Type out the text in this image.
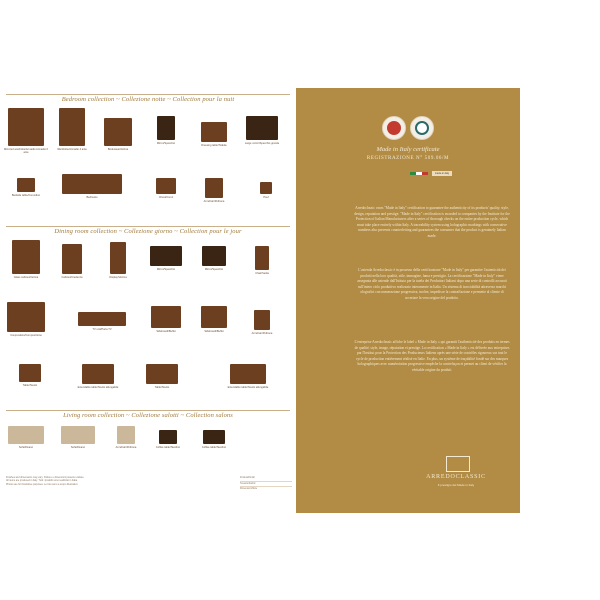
Bedroom collection ~ Collezione notte ~ Collection pour la nuit
Mirrored wardrobe/Armadio Armadio 6 ante
Wardrobe/Armadio 4 ante	Bookcase/Vetrina
Mirror/Specchio
Dressing table/Toilette
Large mirror/Specchio grande
Bedside table/Comodino
Bed/Letto	Chest/Comò
Armchair/Poltrona
Pouf
Dining room collection ~ Collezione giorno ~ Collection pour le jour
Glass cabinet/Vetrina	Cabinet/Credenza	Display/Vetrina
Mirror/Specchio	Mirror/Specchio
Chair/Sedia
Composition/Composizione
TV unit/Porta TV
Sideboard/Buffet	Sideboard/Buffet
Armchair/Poltrona
Table/Tavolo
Extendable table/Tavolo allungabile	Table/Tavolo	Extendable table/Tavolo allungabile
Living room collection ~ Collezione salotti ~ Collection salons
Sofa/Divano	Sofa/Divano	Armchair/Poltrona	Coffee table/Tavolino	Coffee table/Tavolino
Finishes and dimensions may vary. Finiture e dimensioni possono variare.
All items are produced in Italy. Tutti i prodotti sono realizzati in Italia.
Photos are for illustrative purposes. Le foto sono a scopo illustrativo.
Finitura/Finish
Tessuto/Fabric
Dimensioni/Size
Made in Italy certificate
REGISTRAZIONE N° 509.06/M
made-in-italy
Arredoclassic owns "Made in Italy" certification to guarantee the authenticity of its products' quality, style, design, reputation and prestige. "Made in Italy" certification is awarded to companies by the Institute for the Protection of Italian Manufacturers after a series of thorough checks on the entire production cycle, which must take place entirely within Italy. A traceability system using holographic markings with consecutive numbers also prevents counterfeiting and guarantees the consumer that the product is genuinely Italian made.
L'azienda Arredoclassic è in possesso della certificazione "Made in Italy" per garantire l'autenticità dei prodotti nella loro qualità, stile, immagine, fama e prestigio. La certificazione "Made in Italy" viene assegnata alle aziende dall'Istituto per la tutela dei Produttori Italiani dopo una serie di controlli accurati sull'intero ciclo produttivo realizzato interamente in Italia. Un sistema di tracciabilità attraverso marchi olografici con numerazione progressiva, inoltre, impedisce la contraffazione e permette al cliente di accertare la vera origine del prodotto.
L'entreprise Arredoclassic affiche le label « Made in Italy » qui garantit l'authenticité des produits en termes de qualité, style, image, réputation et prestige. La certification « Made in Italy » est délivrée aux entreprises par l'Institut pour la Protection des Producteurs Italiens après une série de contrôles rigoureux sur tout le cycle de production entièrement réalisé en Italie. En plus, un système de traçabilité fondé sur des marques holographiques avec numérotation progressive empêche la contrefaçon et permet au client de vérifier la véritable origine du produit.
ARREDOCLASSIC
Il prestigio del Made in Italy
